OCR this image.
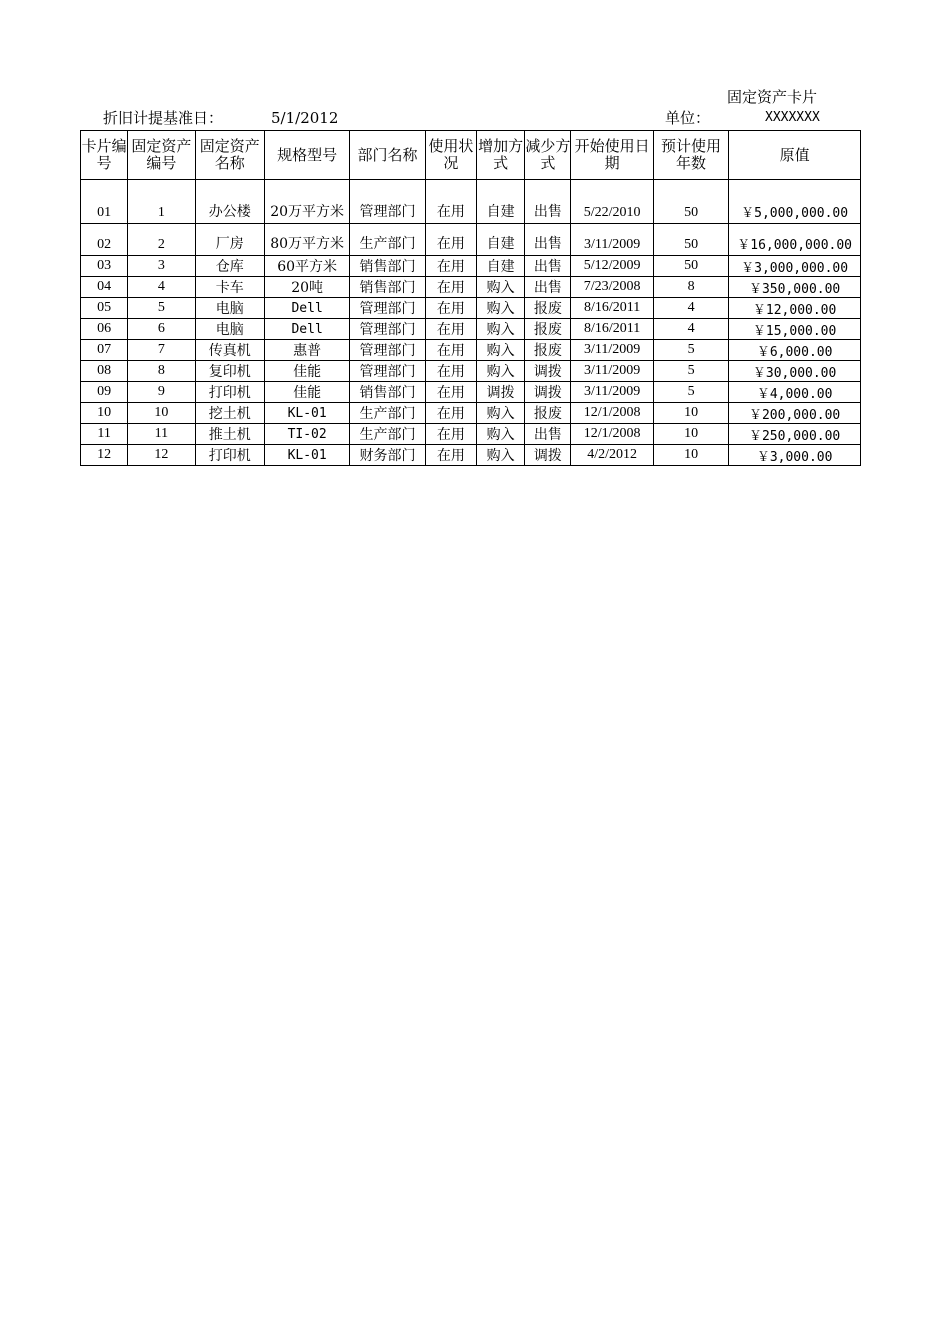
固定资产卡片
折旧计提基准日：	5/1/2012	单位：	XXXXXXX
卡片编号	固定资产编号	固定资产名称	规格型号	部门名称	使用状况	增加方式	减少方式	开始使用日期	预计使用年数	原值
01	1	办公楼	20万平方米	管理部门	在用	自建	出售	5/22/2010	50	￥5,000,000.00
02	2	厂房	80万平方米	生产部门	在用	自建	出售	3/11/2009	50	￥16,000,000.00
03	3	仓库	60平方米	销售部门	在用	自建	出售	5/12/2009	50	￥3,000,000.00
04	4	卡车	20吨	销售部门	在用	购入	出售	7/23/2008	8	￥350,000.00
05	5	电脑	Dell	管理部门	在用	购入	报废	8/16/2011	4	￥12,000.00
06	6	电脑	Dell	管理部门	在用	购入	报废	8/16/2011	4	￥15,000.00
07	7	传真机	惠普	管理部门	在用	购入	报废	3/11/2009	5	￥6,000.00
08	8	复印机	佳能	管理部门	在用	购入	调拨	3/11/2009	5	￥30,000.00
09	9	打印机	佳能	销售部门	在用	调拨	调拨	3/11/2009	5	￥4,000.00
10	10	挖土机	KL-01	生产部门	在用	购入	报废	12/1/2008	10	￥200,000.00
11	11	推土机	TI-02	生产部门	在用	购入	出售	12/1/2008	10	￥250,000.00
12	12	打印机	KL-01	财务部门	在用	购入	调拨	4/2/2012	10	￥3,000.00
